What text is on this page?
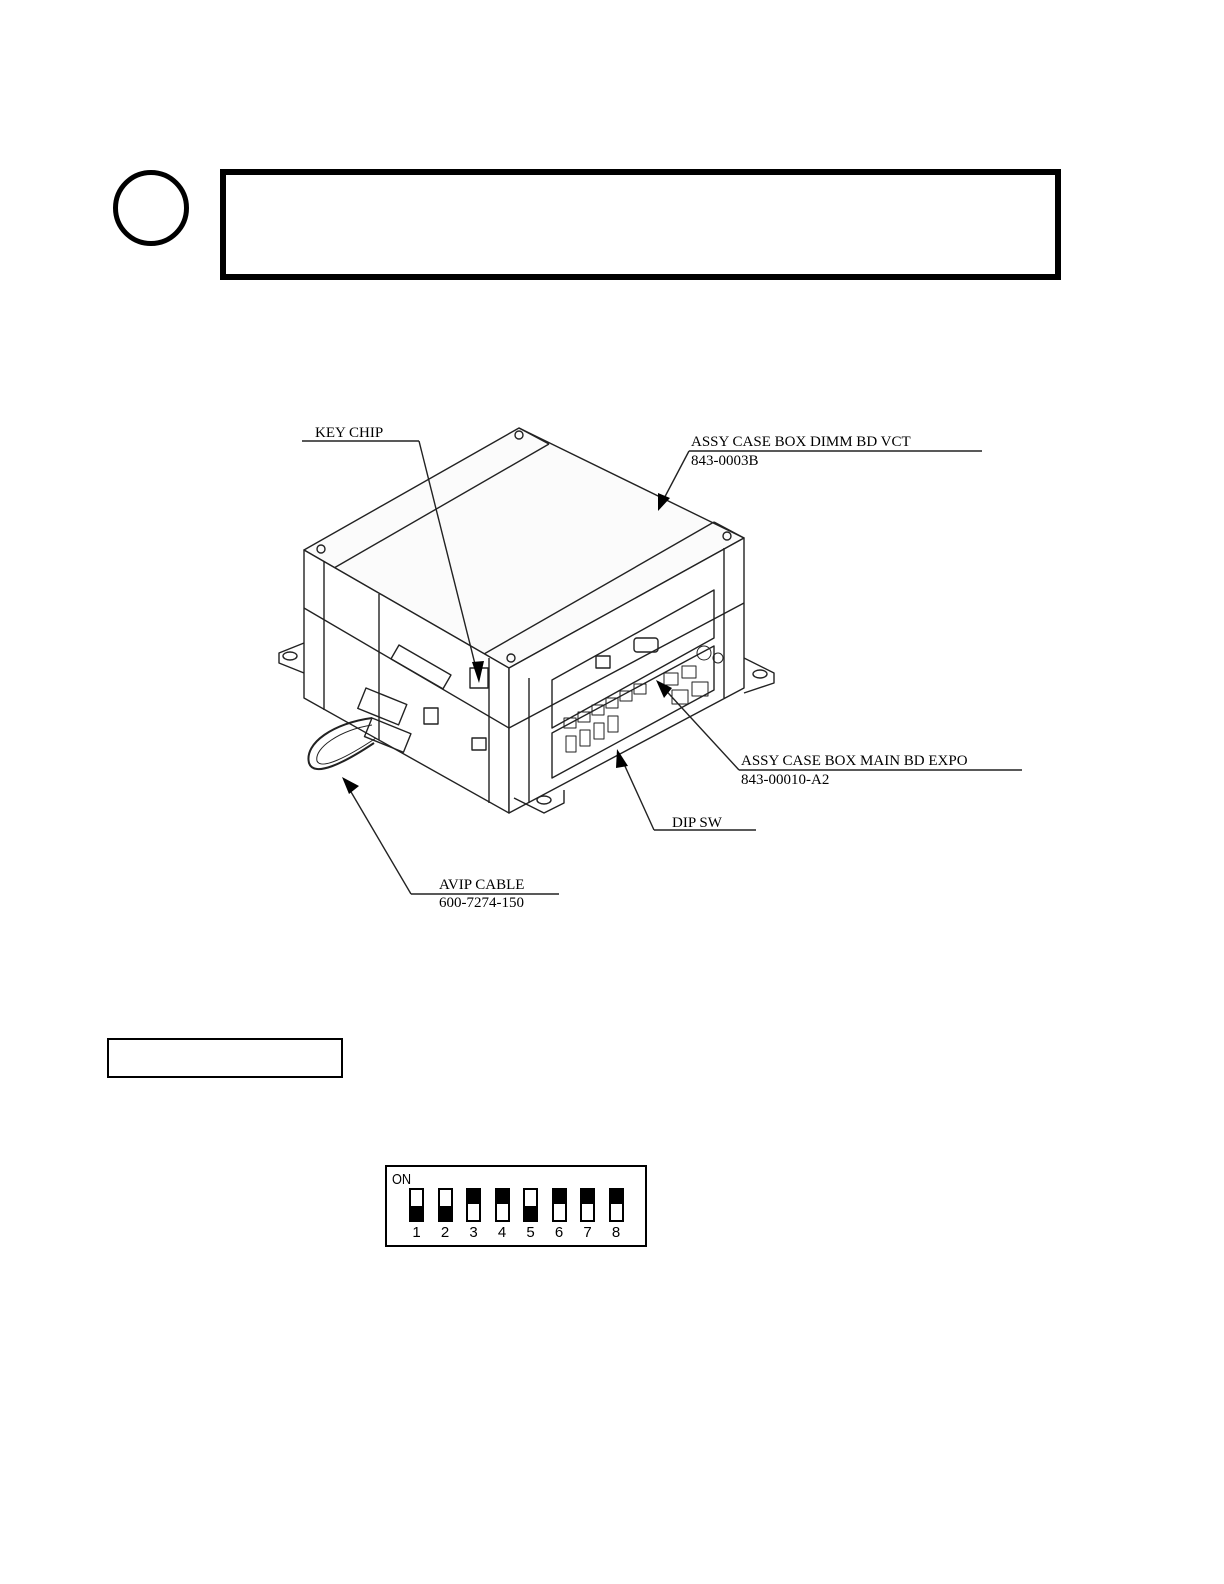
KEY CHIP
ASSY CASE BOX DIMM BD VCT
843-0003B
ASSY CASE BOX MAIN BD EXPO
843-00010-A2
DIP SW
AVIP CABLE
600-7274-150
ON
1	2	3	4	5	6	7	8
